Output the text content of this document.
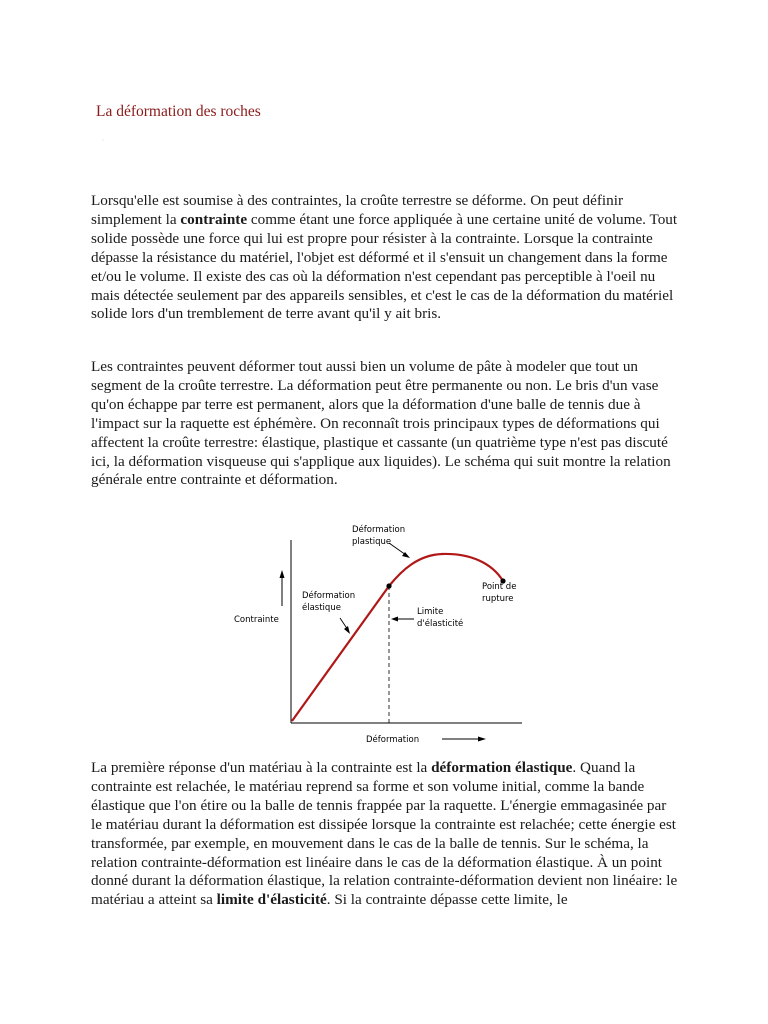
La déformation des roches
·

Lorsqu'elle est soumise à des contraintes, la croûte terrestre se déforme. On peut définir simplement la contrainte comme étant une force appliquée à une certaine unité de volume. Tout solide possède une force qui lui est propre pour résister à la contrainte. Lorsque la contrainte dépasse la résistance du matériel, l'objet est déformé et il s'ensuit un changement dans la forme et/ou le volume. Il existe des cas où la déformation n'est cependant pas perceptible à l'oeil nu mais détectée seulement par des appareils sensibles, et c'est le cas de la déformation du matériel solide lors d'un tremblement de terre avant qu'il y ait bris.

Les contraintes peuvent déformer tout aussi bien un volume de pâte à modeler que tout un segment de la croûte terrestre. La déformation peut être permanente ou non. Le bris d'un vase qu'on échappe par terre est permanent, alors que la déformation d'une balle de tennis due à l'impact sur la raquette est éphémère. On reconnaît trois principaux types de déformations qui affectent la croûte terrestre: élastique, plastique et cassante (un quatrième type n'est pas discuté ici, la déformation visqueuse qui s'applique aux liquides). Le schéma qui suit montre la relation générale entre contrainte et déformation.

Déformation
plastique
Déformation
élastique	Limite
d'élasticité
Point de
rupture
Contrainte
Déformation

La première réponse d'un matériau à la contrainte est la déformation élastique. Quand la contrainte est relachée, le matériau reprend sa forme et son volume initial, comme la bande élastique que l'on étire ou la balle de tennis frappée par la raquette. L'énergie emmagasinée par le matériau durant la déformation est dissipée lorsque la contrainte est relachée; cette énergie est transformée, par exemple, en mouvement dans le cas de la balle de tennis. Sur le schéma, la relation contrainte-déformation est linéaire dans le cas de la déformation élastique. À un point donné durant la déformation élastique, la relation contrainte-déformation devient non linéaire: le matériau a atteint sa limite d'élasticité. Si la contrainte dépasse cette limite, le
